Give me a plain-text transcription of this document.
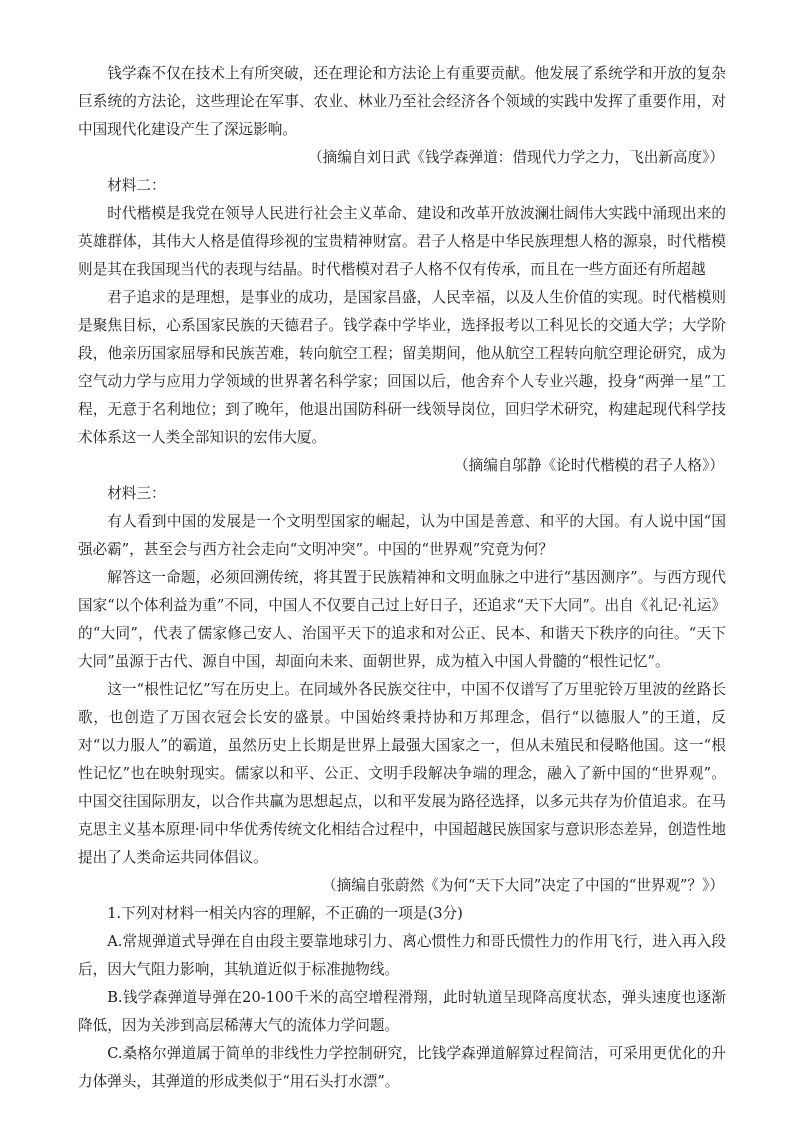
钱学森不仅在技术上有所突破，还在理论和方法论上有重要贡献。他发展了系统学和开放的复杂巨系统的方法论，这些理论在军事、农业、林业乃至社会经济各个领域的实践中发挥了重要作用，对中国现代化建设产生了深远影响。

（摘编自刘日武《钱学森弹道：借现代力学之力，飞出新高度》）

材料二：

时代楷模是我党在领导人民进行社会主义革命、建设和改革开放波澜壮阔伟大实践中涌现出来的英雄群体，其伟大人格是值得珍视的宝贵精神财富。君子人格是中华民族理想人格的源泉，时代楷模则是其在我国现当代的表现与结晶。时代楷模对君子人格不仅有传承，而且在一些方面还有所超越

君子追求的是理想，是事业的成功，是国家昌盛，人民幸福，以及人生价值的实现。时代楷模则是聚焦目标，心系国家民族的天德君子。钱学森中学毕业，选择报考以工科见长的交通大学；大学阶段，他亲历国家屈辱和民族苦难，转向航空工程；留美期间，他从航空工程转向航空理论研究，成为空气动力学与应用力学领域的世界著名科学家；回国以后，他舍弃个人专业兴趣，投身“两弹一星”工程，无意于名利地位；到了晚年，他退出国防科研一线领导岗位，回归学术研究，构建起现代科学技术体系这一人类全部知识的宏伟大厦。

（摘编自邬静《论时代楷模的君子人格》）

材料三：

有人看到中国的发展是一个文明型国家的崛起，认为中国是善意、和平的大国。有人说中国“国强必霸”，甚至会与西方社会走向“文明冲突”。中国的“世界观”究竟为何？

解答这一命题，必须回溯传统，将其置于民族精神和文明血脉之中进行“基因测序”。与西方现代国家“以个体利益为重”不同，中国人不仅要自己过上好日子，还追求“天下大同”。出自《礼记·礼运》的“大同”，代表了儒家修己安人、治国平天下的追求和对公正、民本、和谐天下秩序的向往。“天下大同”虽源于古代、源自中国，却面向未来、面朝世界，成为植入中国人骨髓的“根性记忆”。

这一“根性记忆”写在历史上。在同域外各民族交往中，中国不仅谱写了万里驼铃万里波的丝路长歌，也创造了万国衣冠会长安的盛景。中国始终秉持协和万邦理念，倡行“以德服人”的王道，反对“以力服人”的霸道，虽然历史上长期是世界上最强大国家之一，但从未殖民和侵略他国。这一“根性记忆”也在映射现实。儒家以和平、公正、文明手段解决争端的理念，融入了新中国的“世界观”。中国交往国际朋友，以合作共赢为思想起点，以和平发展为路径选择，以多元共存为价值追求。在马克思主义基本原理·同中华优秀传统文化相结合过程中，中国超越民族国家与意识形态差异，创造性地提出了人类命运共同体倡议。

（摘编自张蔚然《为何“天下大同”决定了中国的“世界观”？》）

1.下列对材料一相关内容的理解，不正确的一项是(3分)

A.常规弹道式导弹在自由段主要靠地球引力、离心惯性力和哥氏惯性力的作用飞行，进入再入段后，因大气阻力影响，其轨道近似于标准抛物线。

B.钱学森弹道导弹在20-100千米的高空增程滑翔，此时轨道呈现降高度状态，弹头速度也逐渐降低，因为关涉到高层稀薄大气的流体力学问题。

C.桑格尔弹道属于简单的非线性力学控制研究，比钱学森弹道解算过程简洁，可采用更优化的升力体弹头，其弹道的形成类似于“用石头打水漂”。
